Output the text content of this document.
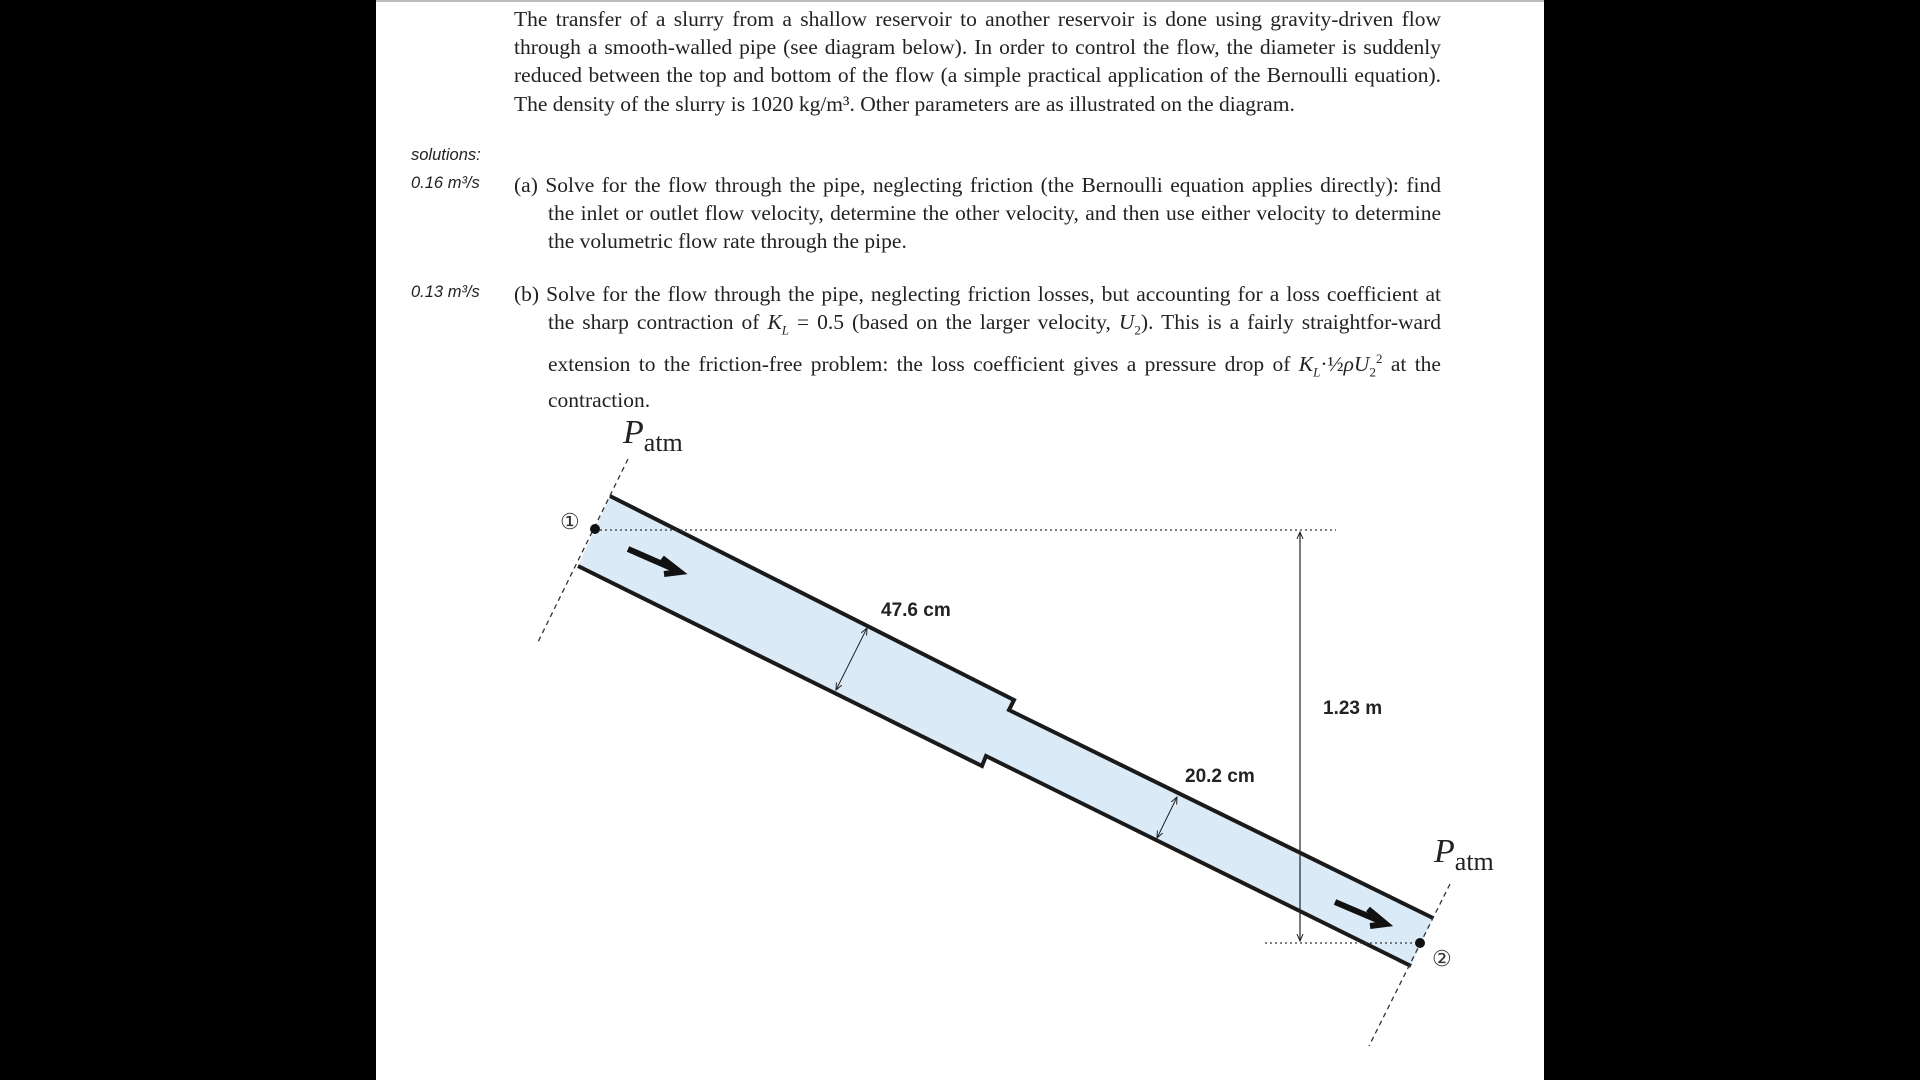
The transfer of a slurry from a shallow reservoir to another reservoir is done using gravity-driven flow through a smooth-walled pipe (see diagram below). In order to control the flow, the diameter is suddenly reduced between the top and bottom of the flow (a simple practical application of the Bernoulli equation). The density of the slurry is 1020 kg/m³. Other parameters are as illustrated on the diagram.
solutions:
0.16 m³/s (a) Solve for the flow through the pipe, neglecting friction (the Bernoulli equation applies directly): find the inlet or outlet flow velocity, determine the other velocity, and then use either velocity to determine the volumetric flow rate through the pipe.
0.13 m³/s (b) Solve for the flow through the pipe, neglecting friction losses, but accounting for a loss coefficient at the sharp contraction of $K_L = 0.5$ (based on the larger velocity, $U_2$). This is a fairly straightfor-ward extension to the friction-free problem: the loss coefficient gives a pressure drop of $K_L\cdot\frac{1}{2}\rho U_2^2$ at the contraction.
$P_{atm}$
$P_{atm}$
①
②
47.6 cm
20.2 cm
1.23 m
